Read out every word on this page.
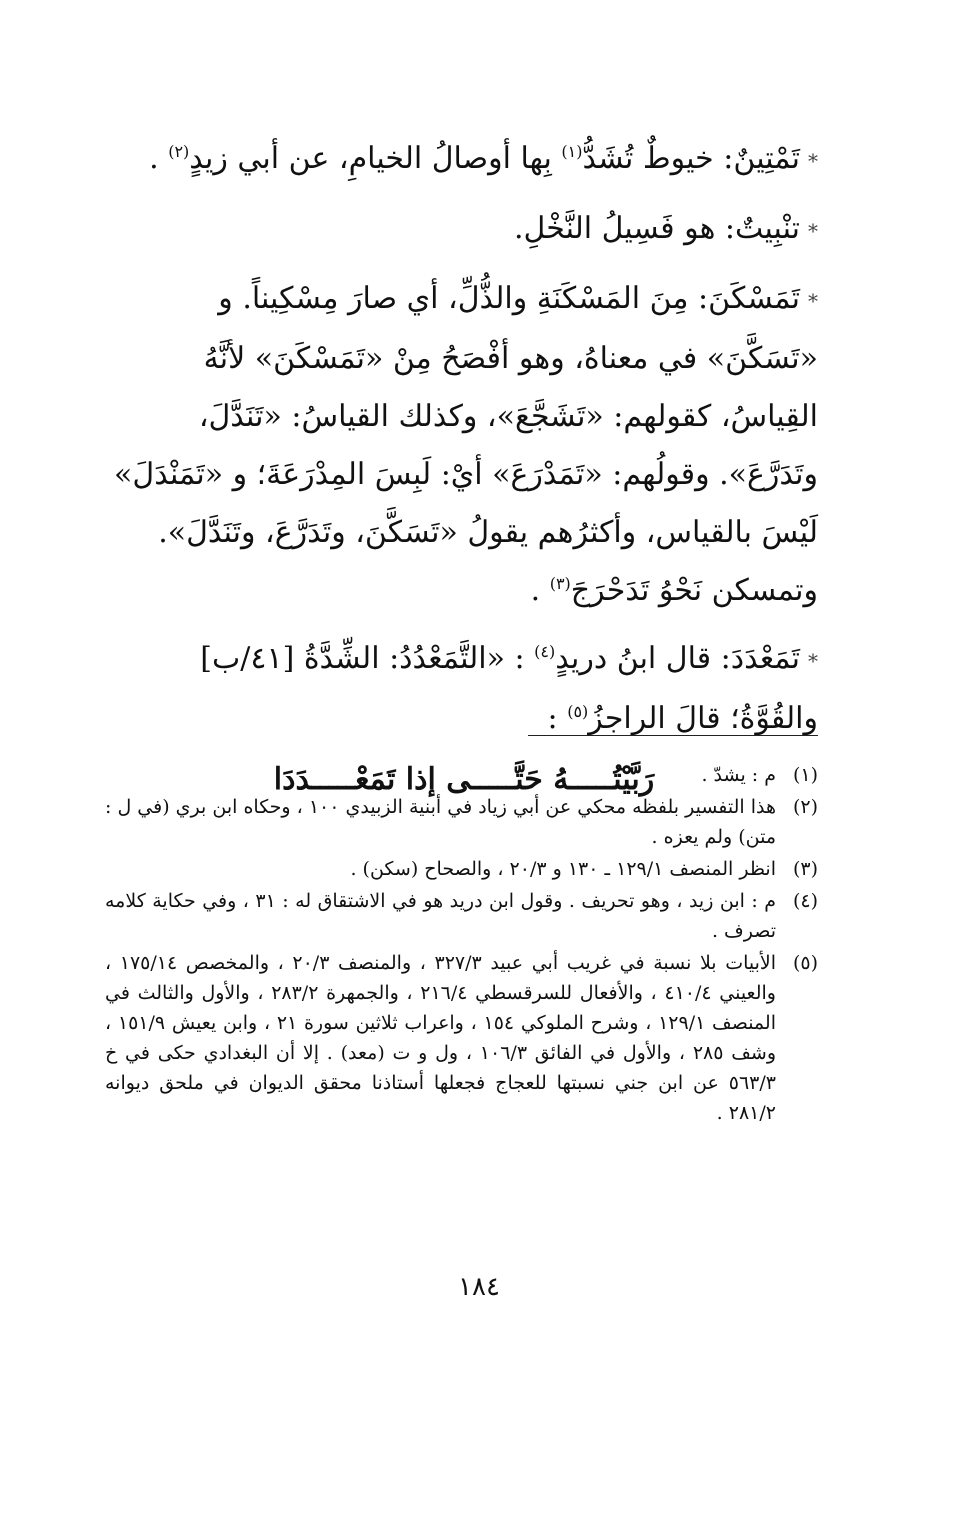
*تَمْتِينٌ: خيوطٌ تُشَدُّ$^{(١)}$ بِها أوصالُ الخيامِ، عن أبي زيدٍ$^{(٢)}$ .

*تنْبِيتٌ: هو فَسِيلُ النَّخْلِ.

*تَمَسْكَنَ: مِنَ المَسْكَنَةِ والذُّلِّ، أي صارَ مِسْكِيناً. و «تَسَكَّنَ» في معناهُ، وهو أفْصَحُ مِنْ «تَمَسْكَنَ» لأنَّهُ القِياسُ، كقولهم: «تَشَجَّعَ»، وكذلك القياسُ: «تَنَدَّلَ، وتَدَرَّعَ». وقولُهم: «تَمَدْرَعَ» أيْ: لَبِسَ المِدْرَعَةَ؛ و «تَمَنْدَلَ» لَيْسَ بالقياس، وأكثرُهم يقولُ «تَسَكَّنَ، وتَدَرَّعَ، وتَنَدَّلَ». وتمسكن نَحْوُ تَدَحْرَجَ$^{(٣)}$ .

*تَمَعْدَدَ: قال ابنُ دريدٍ$^{(٤)}$ : «التَّمَعْدُدُ: الشِّدَّةُ [٤١/ب] والقُوَّةُ؛ قالَ الراجزُ$^{(٥)}$ :

رَبَّيْتُـــــهُ حَتَّـــــى إذا تَمَعْـــــدَدَا	(١)
م : يشدّ .
(٢)
هذا التفسير بلفظه محكي عن أبي زياد في أبنية الزبيدي ١٠٠ ، وحكاه ابن بري (في ل : متن) ولم يعزه .
(٣)
انظر المنصف ١٢٩/١ ـ ١٣٠ و ٢٠/٣ ، والصحاح (سكن) .
(٤)
م : ابن زيد ، وهو تحريف . وقول ابن دريد هو في الاشتقاق له : ٣١ ، وفي حكاية كلامه تصرف .
(٥)
الأبيات بلا نسبة في غريب أبي عبيد ٣٢٧/٣ ، والمنصف ٢٠/٣ ، والمخصص ١٧٥/١٤ ، والعيني ٤١٠/٤ ، والأفعال للسرقسطي ٢١٦/٤ ، والجمهرة ٢٨٣/٢ ، والأول والثالث في المنصف ١٢٩/١ ، وشرح الملوكي ١٥٤ ، واعراب ثلاثين سورة ٢١ ، وابن يعيش ١٥١/٩ ، وشف ٢٨٥ ، والأول في الفائق ١٠٦/٣ ، ول و ت (معد) . إلا أن البغدادي حكى في خ ٥٦٣/٣ عن ابن جني نسبتها للعجاج فجعلها أستاذنا محقق الديوان في ملحق ديوانه ٢٨١/٢ .
١٨٤
